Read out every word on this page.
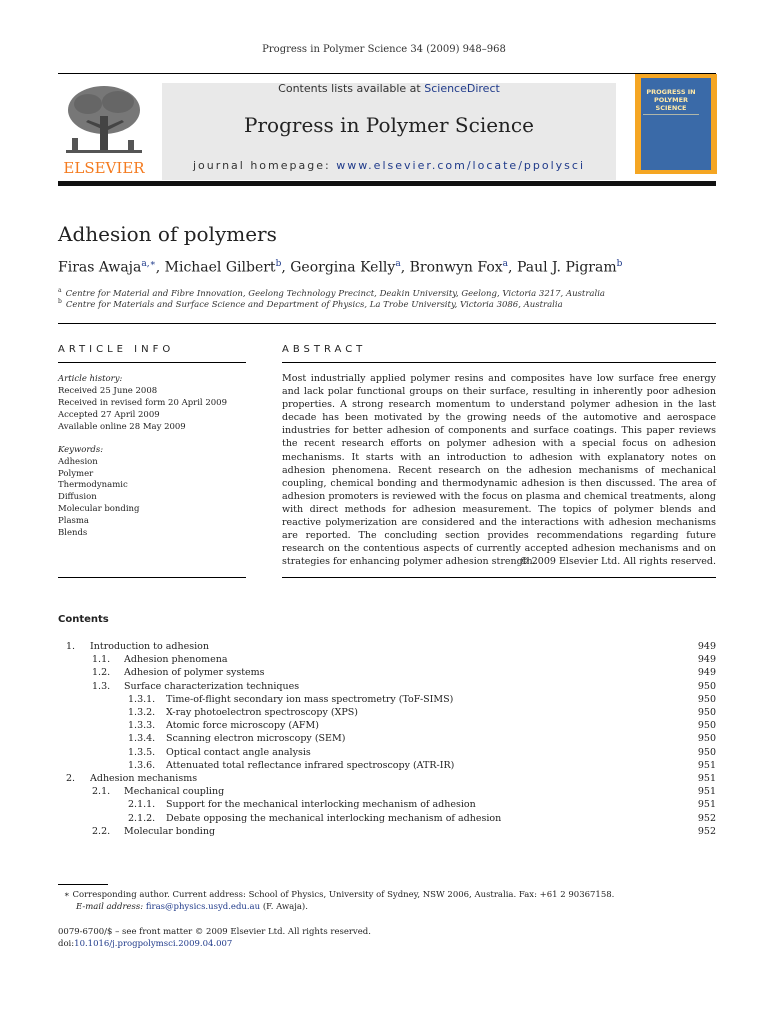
Progress in Polymer Science 34 (2009) 948–968
ELSEVIER
Contents lists available at ScienceDirect
Progress in Polymer Science
journal homepage: www.elsevier.com/locate/ppolysci
PROGRESS IN POLYMER SCIENCE
Adhesion of polymers
Firas Awaja$^{a,∗}$, Michael Gilbert$^b$, Georgina Kelly$^a$, Bronwyn Fox$^a$, Paul J. Pigram$^b$
$^a$ Centre for Material and Fibre Innovation, Geelong Technology Precinct, Deakin University, Geelong, Victoria 3217, Australia
$^b$ Centre for Materials and Surface Science and Department of Physics, La Trobe University, Victoria 3086, Australia
ARTICLE INFO
Article history:
Received 25 June 2008
Received in revised form 20 April 2009
Accepted 27 April 2009
Available online 28 May 2009
Keywords:
Adhesion
Polymer
Thermodynamic
Diffusion
Molecular bonding
Plasma
Blends
ABSTRACT
Most industrially applied polymer resins and composites have low surface free energy and lack polar functional groups on their surface, resulting in inherently poor adhesion properties. A strong research momentum to understand polymer adhesion in the last decade has been motivated by the growing needs of the automotive and aerospace industries for better adhesion of components and surface coatings. This paper reviews the recent research efforts on polymer adhesion with a special focus on adhesion mechanisms. It starts with an introduction to adhesion with explanatory notes on adhesion phenomena. Recent research on the adhesion mechanisms of mechanical coupling, chemical bonding and thermodynamic adhesion is then discussed. The area of adhesion promoters is reviewed with the focus on plasma and chemical treatments, along with direct methods for adhesion measurement. The topics of polymer blends and reactive polymerization are considered and the interactions with adhesion mechanisms are reported. The concluding section provides recommendations regarding future research on the contentious aspects of currently accepted adhesion mechanisms and on strategies for enhancing polymer adhesion strength.
© 2009 Elsevier Ltd. All rights reserved.
Contents
1. Introduction to adhesion . . .	949
1.1. Adhesion phenomena . . .	949
1.2. Adhesion of polymer systems . . .	949
1.3. Surface characterization techniques . . .	950
1.3.1. Time-of-flight secondary ion mass spectrometry (ToF-SIMS) . . .	950
1.3.2. X-ray photoelectron spectroscopy (XPS) . . .	950
1.3.3. Atomic force microscopy (AFM) . . .	950
1.3.4. Scanning electron microscopy (SEM) . . .	950
1.3.5. Optical contact angle analysis . . .	950
1.3.6. Attenuated total reflectance infrared spectroscopy (ATR-IR) . . .	951
2. Adhesion mechanisms . . .	951
2.1. Mechanical coupling . . .	951
2.1.1. Support for the mechanical interlocking mechanism of adhesion . . .	951
2.1.2. Debate opposing the mechanical interlocking mechanism of adhesion . . .	952
2.2. Molecular bonding . . .	952
∗ Corresponding author. Current address: School of Physics, University of Sydney, NSW 2006, Australia. Fax: +61 2 90367158.
E-mail address: firas@physics.usyd.edu.au (F. Awaja).
0079-6700/$ – see front matter © 2009 Elsevier Ltd. All rights reserved.
doi:10.1016/j.progpolymsci.2009.04.007
